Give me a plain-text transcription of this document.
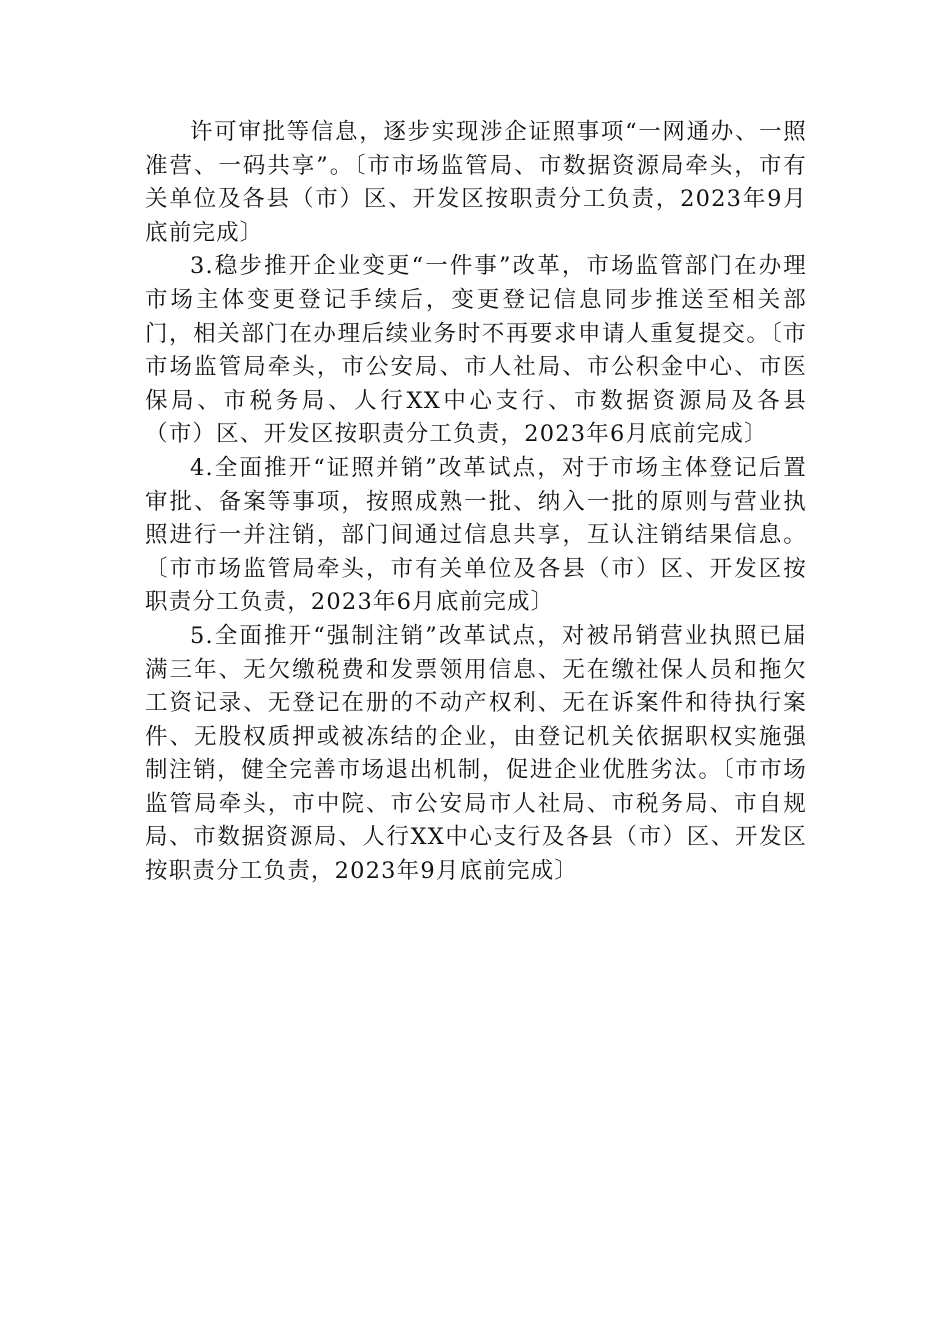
许可审批等信息，逐步实现涉企证照事项“一网通办、一照准营、一码共享”。〔市市场监管局、市数据资源局牵头，市有关单位及各县（市）区、开发区按职责分工负责，2023年9月底前完成〕

3.稳步推开企业变更“一件事”改革，市场监管部门在办理市场主体变更登记手续后，变更登记信息同步推送至相关部门，相关部门在办理后续业务时不再要求申请人重复提交。〔市市场监管局牵头，市公安局、市人社局、市公积金中心、市医保局、市税务局、人行XX中心支行、市数据资源局及各县（市）区、开发区按职责分工负责，2023年6月底前完成〕

4.全面推开“证照并销”改革试点，对于市场主体登记后置审批、备案等事项，按照成熟一批、纳入一批的原则与营业执照进行一并注销，部门间通过信息共享，互认注销结果信息。〔市市场监管局牵头，市有关单位及各县（市）区、开发区按职责分工负责，2023年6月底前完成〕

5.全面推开“强制注销”改革试点，对被吊销营业执照已届满三年、无欠缴税费和发票领用信息、无在缴社保人员和拖欠工资记录、无登记在册的不动产权利、无在诉案件和待执行案件、无股权质押或被冻结的企业，由登记机关依据职权实施强制注销，健全完善市场退出机制，促进企业优胜劣汰。〔市市场监管局牵头，市中院、市公安局市人社局、市税务局、市自规局、市数据资源局、人行XX中心支行及各县（市）区、开发区按职责分工负责，2023年9月底前完成〕
